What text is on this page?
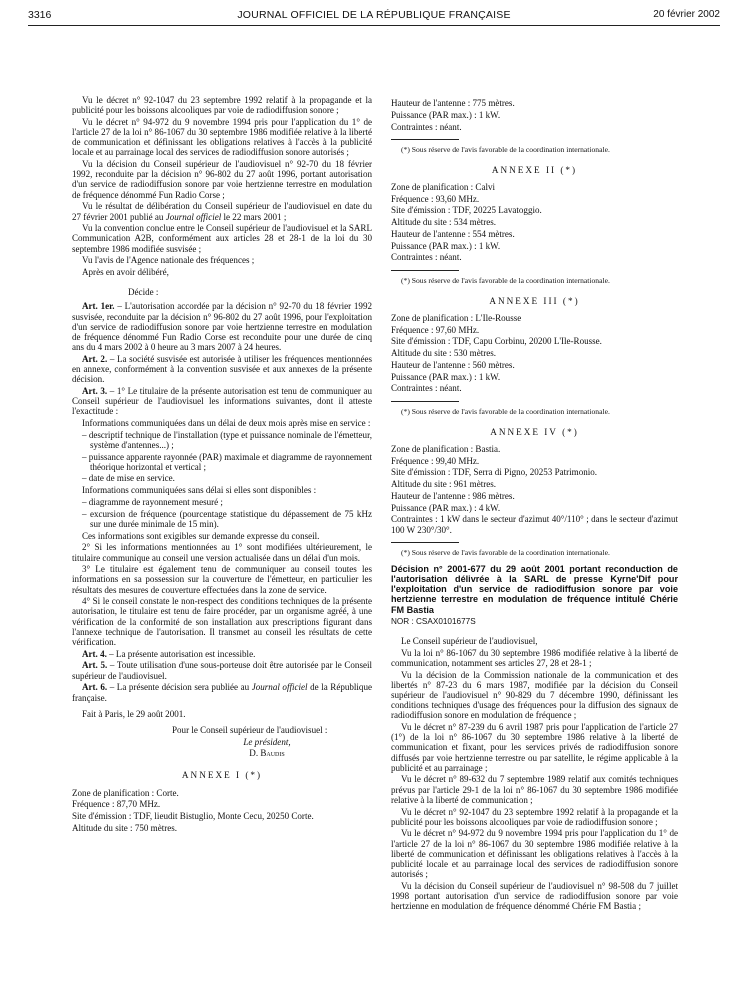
3316	JOURNAL OFFICIEL DE LA RÉPUBLIQUE FRANÇAISE	20 février 2002

Vu le décret n° 92-1047 du 23 septembre 1992 relatif à la propagande et la publicité pour les boissons alcooliques par voie de radiodiffusion sonore ;

Vu le décret n° 94-972 du 9 novembre 1994 pris pour l'application du 1° de l'article 27 de la loi n° 86-1067 du 30 septembre 1986 modifiée relative à la liberté de communication et définissant les obligations relatives à l'accès à la publicité locale et au parrainage local des services de radiodiffusion sonore autorisés ;

Vu la décision du Conseil supérieur de l'audiovisuel n° 92-70 du 18 février 1992, reconduite par la décision n° 96-802 du 27 août 1996, portant autorisation d'un service de radiodiffusion sonore par voie hertzienne terrestre en modulation de fréquence dénommé Fun Radio Corse ;

Vu le résultat de délibération du Conseil supérieur de l'audiovisuel en date du 27 février 2001 publié au Journal officiel le 22 mars 2001 ;

Vu la convention conclue entre le Conseil supérieur de l'audiovisuel et la SARL Communication A2B, conformément aux articles 28 et 28-1 de la loi du 30 septembre 1986 modifiée susvisée ;

Vu l'avis de l'Agence nationale des fréquences ;

Après en avoir délibéré,

Décide :

Art. 1er. – L'autorisation accordée par la décision n° 92-70 du 18 février 1992 susvisée, reconduite par la décision n° 96-802 du 27 août 1996, pour l'exploitation d'un service de radiodiffusion sonore par voie hertzienne terrestre en modulation de fréquence dénommé Fun Radio Corse est reconduite pour une durée de cinq ans du 4 mars 2002 à 0 heure au 3 mars 2007 à 24 heures.

Art. 2. – La société susvisée est autorisée à utiliser les fréquences mentionnées en annexe, conformément à la convention susvisée et aux annexes de la présente décision.

Art. 3. – 1° Le titulaire de la présente autorisation est tenu de communiquer au Conseil supérieur de l'audiovisuel les informations suivantes, dont il atteste l'exactitude :

Informations communiquées dans un délai de deux mois après mise en service :

– descriptif technique de l'installation (type et puissance nominale de l'émetteur, système d'antennes...) ;

– puissance apparente rayonnée (PAR) maximale et diagramme de rayonnement théorique horizontal et vertical ;

– date de mise en service.

Informations communiquées sans délai si elles sont disponibles :

– diagramme de rayonnement mesuré ;

– excursion de fréquence (pourcentage statistique du dépassement de 75 kHz sur une durée minimale de 15 min).

Ces informations sont exigibles sur demande expresse du conseil.

2° Si les informations mentionnées au 1° sont modifiées ultérieurement, le titulaire communique au conseil une version actualisée dans un délai d'un mois.

3° Le titulaire est également tenu de communiquer au conseil toutes les informations en sa possession sur la couverture de l'émetteur, en particulier les résultats des mesures de couverture effectuées dans la zone de service.

4° Si le conseil constate le non-respect des conditions techniques de la présente autorisation, le titulaire est tenu de faire procéder, par un organisme agréé, à une vérification de la conformité de son installation aux prescriptions figurant dans l'annexe technique de l'autorisation. Il transmet au conseil les résultats de cette vérification.

Art. 4. – La présente autorisation est incessible.

Art. 5. – Toute utilisation d'une sous-porteuse doit être autorisée par le Conseil supérieur de l'audiovisuel.

Art. 6. – La présente décision sera publiée au Journal officiel de la République française.

Fait à Paris, le 29 août 2001.

Pour le Conseil supérieur de l'audiovisuel :

Le président,

D. Baudis

ANNEXE I (*)

Zone de planification : Corte.

Fréquence : 87,70 MHz.

Site d'émission : TDF, lieudit Bistuglio, Monte Cecu, 20250 Corte.

Altitude du site : 750 mètres.

Hauteur de l'antenne : 775 mètres.

Puissance (PAR max.) : 1 kW.

Contraintes : néant.

(*) Sous réserve de l'avis favorable de la coordination internationale.

ANNEXE II (*)

Zone de planification : Calvi

Fréquence : 93,60 MHz.

Site d'émission : TDF, 20225 Lavatoggio.

Altitude du site : 534 mètres.

Hauteur de l'antenne : 554 mètres.

Puissance (PAR max.) : 1 kW.

Contraintes : néant.

(*) Sous réserve de l'avis favorable de la coordination internationale.

ANNEXE III (*)

Zone de planification : L'Ile-Rousse

Fréquence : 97,60 MHz.

Site d'émission : TDF, Capu Corbinu, 20200 L'Ile-Rousse.

Altitude du site : 530 mètres.

Hauteur de l'antenne : 560 mètres.

Puissance (PAR max.) : 1 kW.

Contraintes : néant.

(*) Sous réserve de l'avis favorable de la coordination internationale.

ANNEXE IV (*)

Zone de planification : Bastia.

Fréquence : 99,40 MHz.

Site d'émission : TDF, Serra di Pigno, 20253 Patrimonio.

Altitude du site : 961 mètres.

Hauteur de l'antenne : 986 mètres.

Puissance (PAR max.) : 4 kW.

Contraintes : 1 kW dans le secteur d'azimut 40°/110° ; dans le secteur d'azimut 100 W 230°/30°.

(*) Sous réserve de l'avis favorable de la coordination internationale.

Décision n° 2001-677 du 29 août 2001 portant reconduction de l'autorisation délivrée à la SARL de presse Kyrne'Dif pour l'exploitation d'un service de radiodiffusion sonore par voie hertzienne terrestre en modulation de fréquence intitulé Chérie FM Bastia

NOR : CSAX0101677S

Le Conseil supérieur de l'audiovisuel,

Vu la loi n° 86-1067 du 30 septembre 1986 modifiée relative à la liberté de communication, notamment ses articles 27, 28 et 28-1 ;

Vu la décision de la Commission nationale de la communication et des libertés n° 87-23 du 6 mars 1987, modifiée par la décision du Conseil supérieur de l'audiovisuel n° 90-829 du 7 décembre 1990, définissant les conditions techniques d'usage des fréquences pour la diffusion des signaux de radiodiffusion sonore en modulation de fréquence ;

Vu le décret n° 87-239 du 6 avril 1987 pris pour l'application de l'article 27 (1°) de la loi n° 86-1067 du 30 septembre 1986 relative à la liberté de communication et fixant, pour les services privés de radiodiffusion sonore diffusés par voie hertzienne terrestre ou par satellite, le régime applicable à la publicité et au parrainage ;

Vu le décret n° 89-632 du 7 septembre 1989 relatif aux comités techniques prévus par l'article 29-1 de la loi n° 86-1067 du 30 septembre 1986 modifiée relative à la liberté de communication ;

Vu le décret n° 92-1047 du 23 septembre 1992 relatif à la propagande et la publicité pour les boissons alcooliques par voie de radiodiffusion sonore ;

Vu le décret n° 94-972 du 9 novembre 1994 pris pour l'application du 1° de l'article 27 de la loi n° 86-1067 du 30 septembre 1986 modifiée relative à la liberté de communication et définissant les obligations relatives à l'accès à la publicité locale et au parrainage local des services de radiodiffusion sonore autorisés ;

Vu la décision du Conseil supérieur de l'audiovisuel n° 98-508 du 7 juillet 1998 portant autorisation d'un service de radiodiffusion sonore par voie hertzienne en modulation de fréquence dénommé Chérie FM Bastia ;
